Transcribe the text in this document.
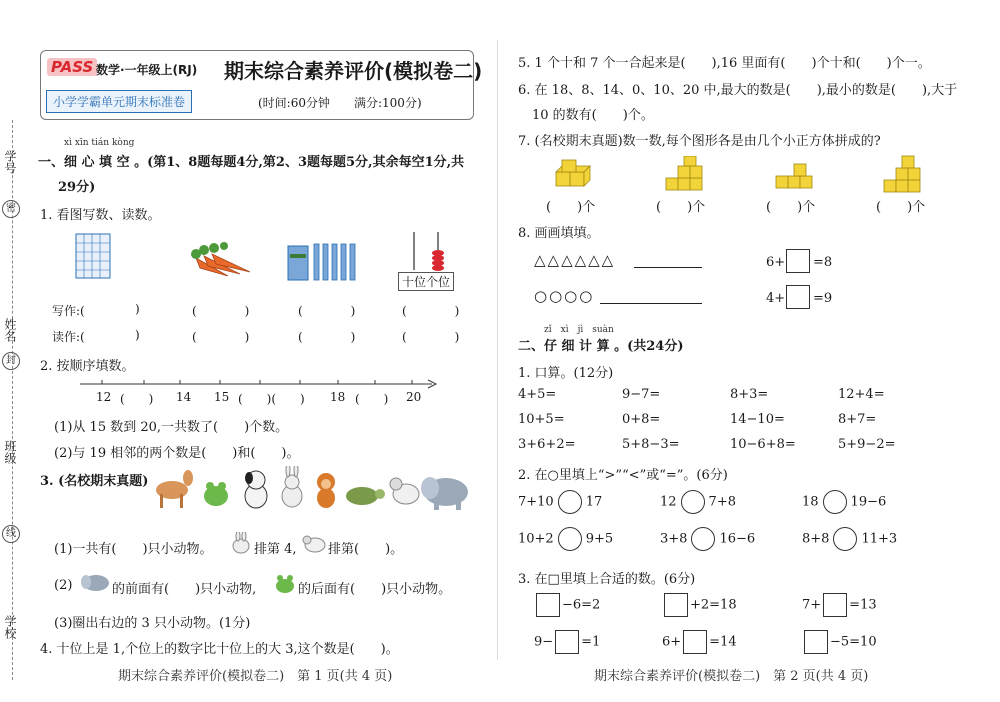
学号
密
姓名
封
班级
线
学校
PASS 数学·一年级上(RJ) 期末综合素养评价(模拟卷二)
小学学霸单元期末标准卷	(时间:60分钟　　满分:100分)
xì xīn tián kòng
一、细 心 填 空 。(第1、8题每题4分,第2、3题每题5分,其余每空1分,共
29分)
1. 看图写数、读数。
十位个位
写作:(	)	(　　　　)	(　　　　)	(　　　　)
读作:(	)	(　　　　)	(　　　　)	(　　　　)
2. 按顺序填数。
12 (　　) 14 15 (　　)(　　) 18 (　　) 20
(1)从 15 数到 20,一共数了(　　)个数。
(2)与 19 相邻的两个数是(　　)和(　　)。
3. (名校期末真题)
(1)一共有(　　)只小动物。	排第 4, 排第(　　)。
(2)	的前面有(　　)只小动物,	的后面有(　　)只小动物。
(3)圈出右边的 3 只小动物。(1分)
4. 十位上是 1,个位上的数字比十位上的大 3,这个数是(　　)。
期末综合素养评价(模拟卷二)　第 1 页(共 4 页)
5. 1 个十和 7 个一合起来是(　　),16 里面有(　　)个十和(　　)个一。
6. 在 18、8、14、0、10、20 中,最大的数是(　　),最小的数是(　　),大于
10 的数有(　　)个。
7. (名校期末真题)数一数,每个图形各是由几个小正方体拼成的?
(　　)个	(　　)个	(　　)个	(　　)个
8. 画画填填。
△△△△△△	6+ =8
○○○○	4+ =9
zǐ　xì　jì　suàn
二、仔 细 计 算 。(共24分)
1. 口算。(12分)
2. 在○里填上“>”“<”或“=”。(6分)
3. 在□里填上合适的数。(6分)
期末综合素养评价(模拟卷二)　第 2 页(共 4 页)
4+5=	9−7=	8+3=	12+4=
10+5=	0+8=	14−10=	8+7=
3+6+2=	5+8−3=	10−6+8=	5+9−2=
7+10 17	12 7+8	18 19−6
10+2 9+5	3+8 16−6	8+8 11+3
−6=2	+2=18	7+ =13
9− =1	6+ =14	−5=10
